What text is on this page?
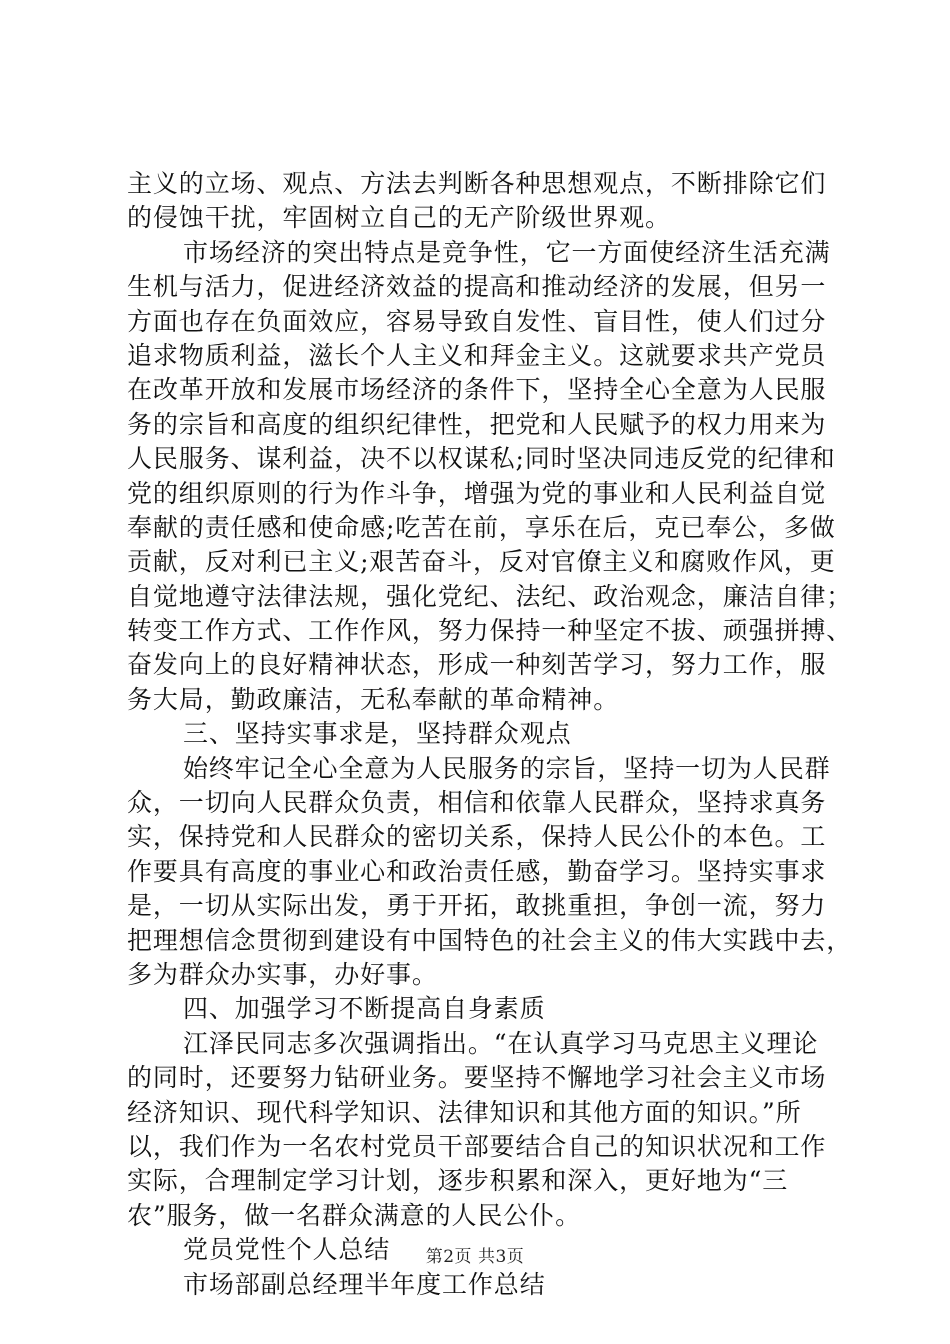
主义的立场、观点、方法去判断各种思想观点，不断排除它们
的侵蚀干扰，牢固树立自己的无产阶级世界观。
市场经济的突出特点是竞争性，它一方面使经济生活充满
生机与活力，促进经济效益的提高和推动经济的发展，但另一
方面也存在负面效应，容易导致自发性、盲目性，使人们过分
追求物质利益，滋长个人主义和拜金主义。这就要求共产党员
在改革开放和发展市场经济的条件下，坚持全心全意为人民服
务的宗旨和高度的组织纪律性，把党和人民赋予的权力用来为
人民服务、谋利益，决不以权谋私;同时坚决同违反党的纪律和
党的组织原则的行为作斗争，增强为党的事业和人民利益自觉
奉献的责任感和使命感;吃苦在前，享乐在后，克已奉公，多做
贡献，反对利已主义;艰苦奋斗，反对官僚主义和腐败作风，更
自觉地遵守法律法规，强化党纪、法纪、政治观念，廉洁自律；
转变工作方式、工作作风，努力保持一种坚定不拔、顽强拼搏、
奋发向上的良好精神状态，形成一种刻苦学习，努力工作，服
务大局，勤政廉洁，无私奉献的革命精神。
三、坚持实事求是，坚持群众观点
始终牢记全心全意为人民服务的宗旨，坚持一切为人民群
众，一切向人民群众负责，相信和依靠人民群众，坚持求真务
实，保持党和人民群众的密切关系，保持人民公仆的本色。工
作要具有高度的事业心和政治责任感，勤奋学习。坚持实事求
是，一切从实际出发，勇于开拓，敢挑重担，争创一流，努力
把理想信念贯彻到建设有中国特色的社会主义的伟大实践中去，
多为群众办实事，办好事。
四、加强学习不断提高自身素质
江泽民同志多次强调指出。“在认真学习马克思主义理论
的同时，还要努力钻研业务。要坚持不懈地学习社会主义市场
经济知识、现代科学知识、法律知识和其他方面的知识。”所
以，我们作为一名农村党员干部要结合自己的知识状况和工作
实际，合理制定学习计划，逐步积累和深入，更好地为“三
农”服务，做一名群众满意的人民公仆。
党员党性个人总结
市场部副总经理半年度工作总结
第2页 共3页
